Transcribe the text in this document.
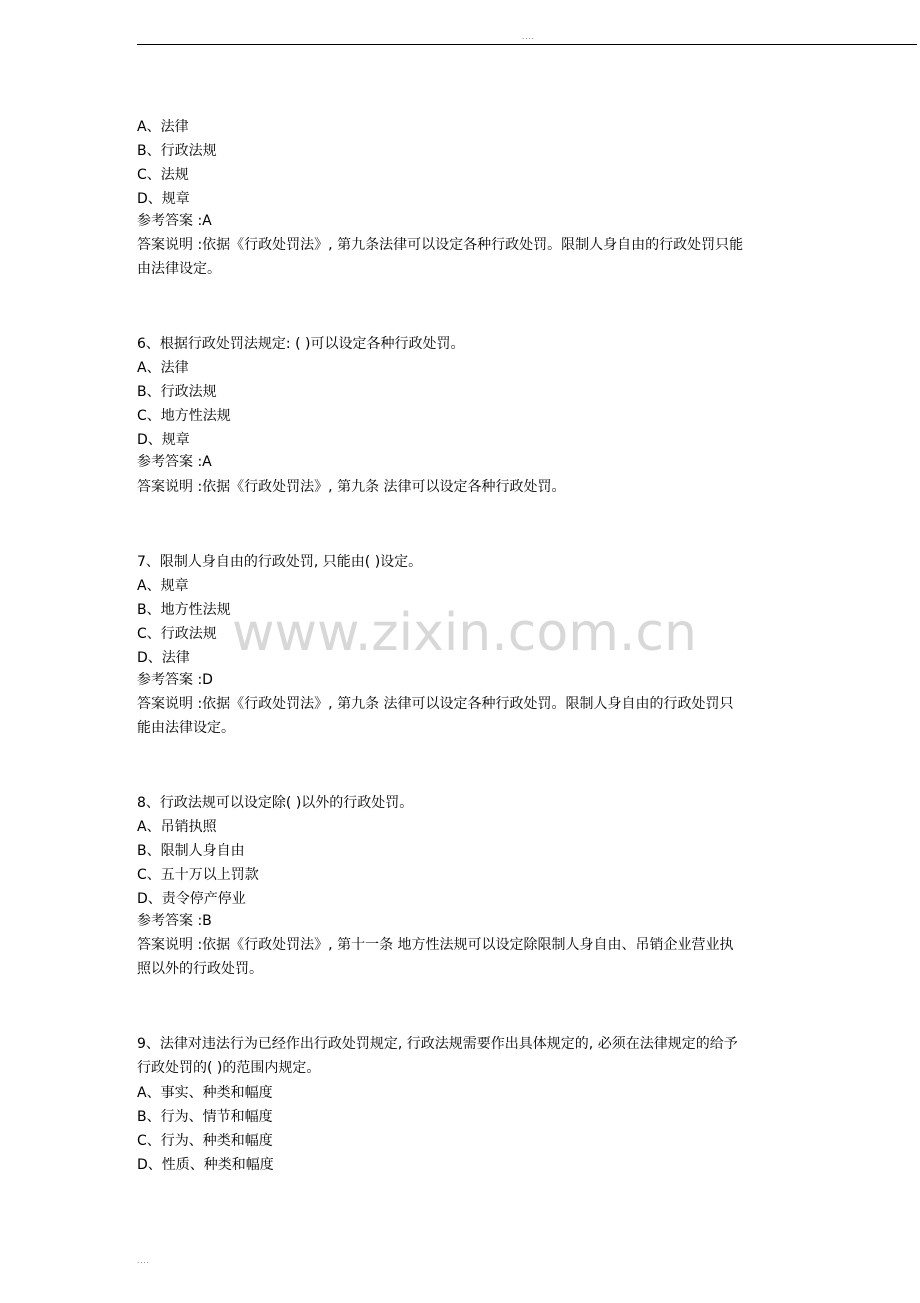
....
www.zixin.com.cn
A、法律
B、行政法规
C、法规
D、规章
参考答案 :A
答案说明 :依据《行政处罚法》, 第九条法律可以设定各种行政处罚。限制人身自由的行政处罚只能由法律设定。
6、根据行政处罚法规定: ( )可以设定各种行政处罚。
A、法律
B、行政法规
C、地方性法规
D、规章
参考答案 :A
答案说明 :依据《行政处罚法》, 第九条 法律可以设定各种行政处罚。
7、限制人身自由的行政处罚, 只能由( )设定。
A、规章
B、地方性法规
C、行政法规
D、法律
参考答案 :D
答案说明 :依据《行政处罚法》, 第九条 法律可以设定各种行政处罚。限制人身自由的行政处罚只能由法律设定。
8、行政法规可以设定除( )以外的行政处罚。
A、吊销执照
B、限制人身自由
C、五十万以上罚款
D、责令停产停业
参考答案 :B
答案说明 :依据《行政处罚法》, 第十一条 地方性法规可以设定除限制人身自由、吊销企业营业执照以外的行政处罚。
9、法律对违法行为已经作出行政处罚规定, 行政法规需要作出具体规定的, 必须在法律规定的给予行政处罚的( )的范围内规定。
A、事实、种类和幅度
B、行为、情节和幅度
C、行为、种类和幅度
D、性质、种类和幅度
....
